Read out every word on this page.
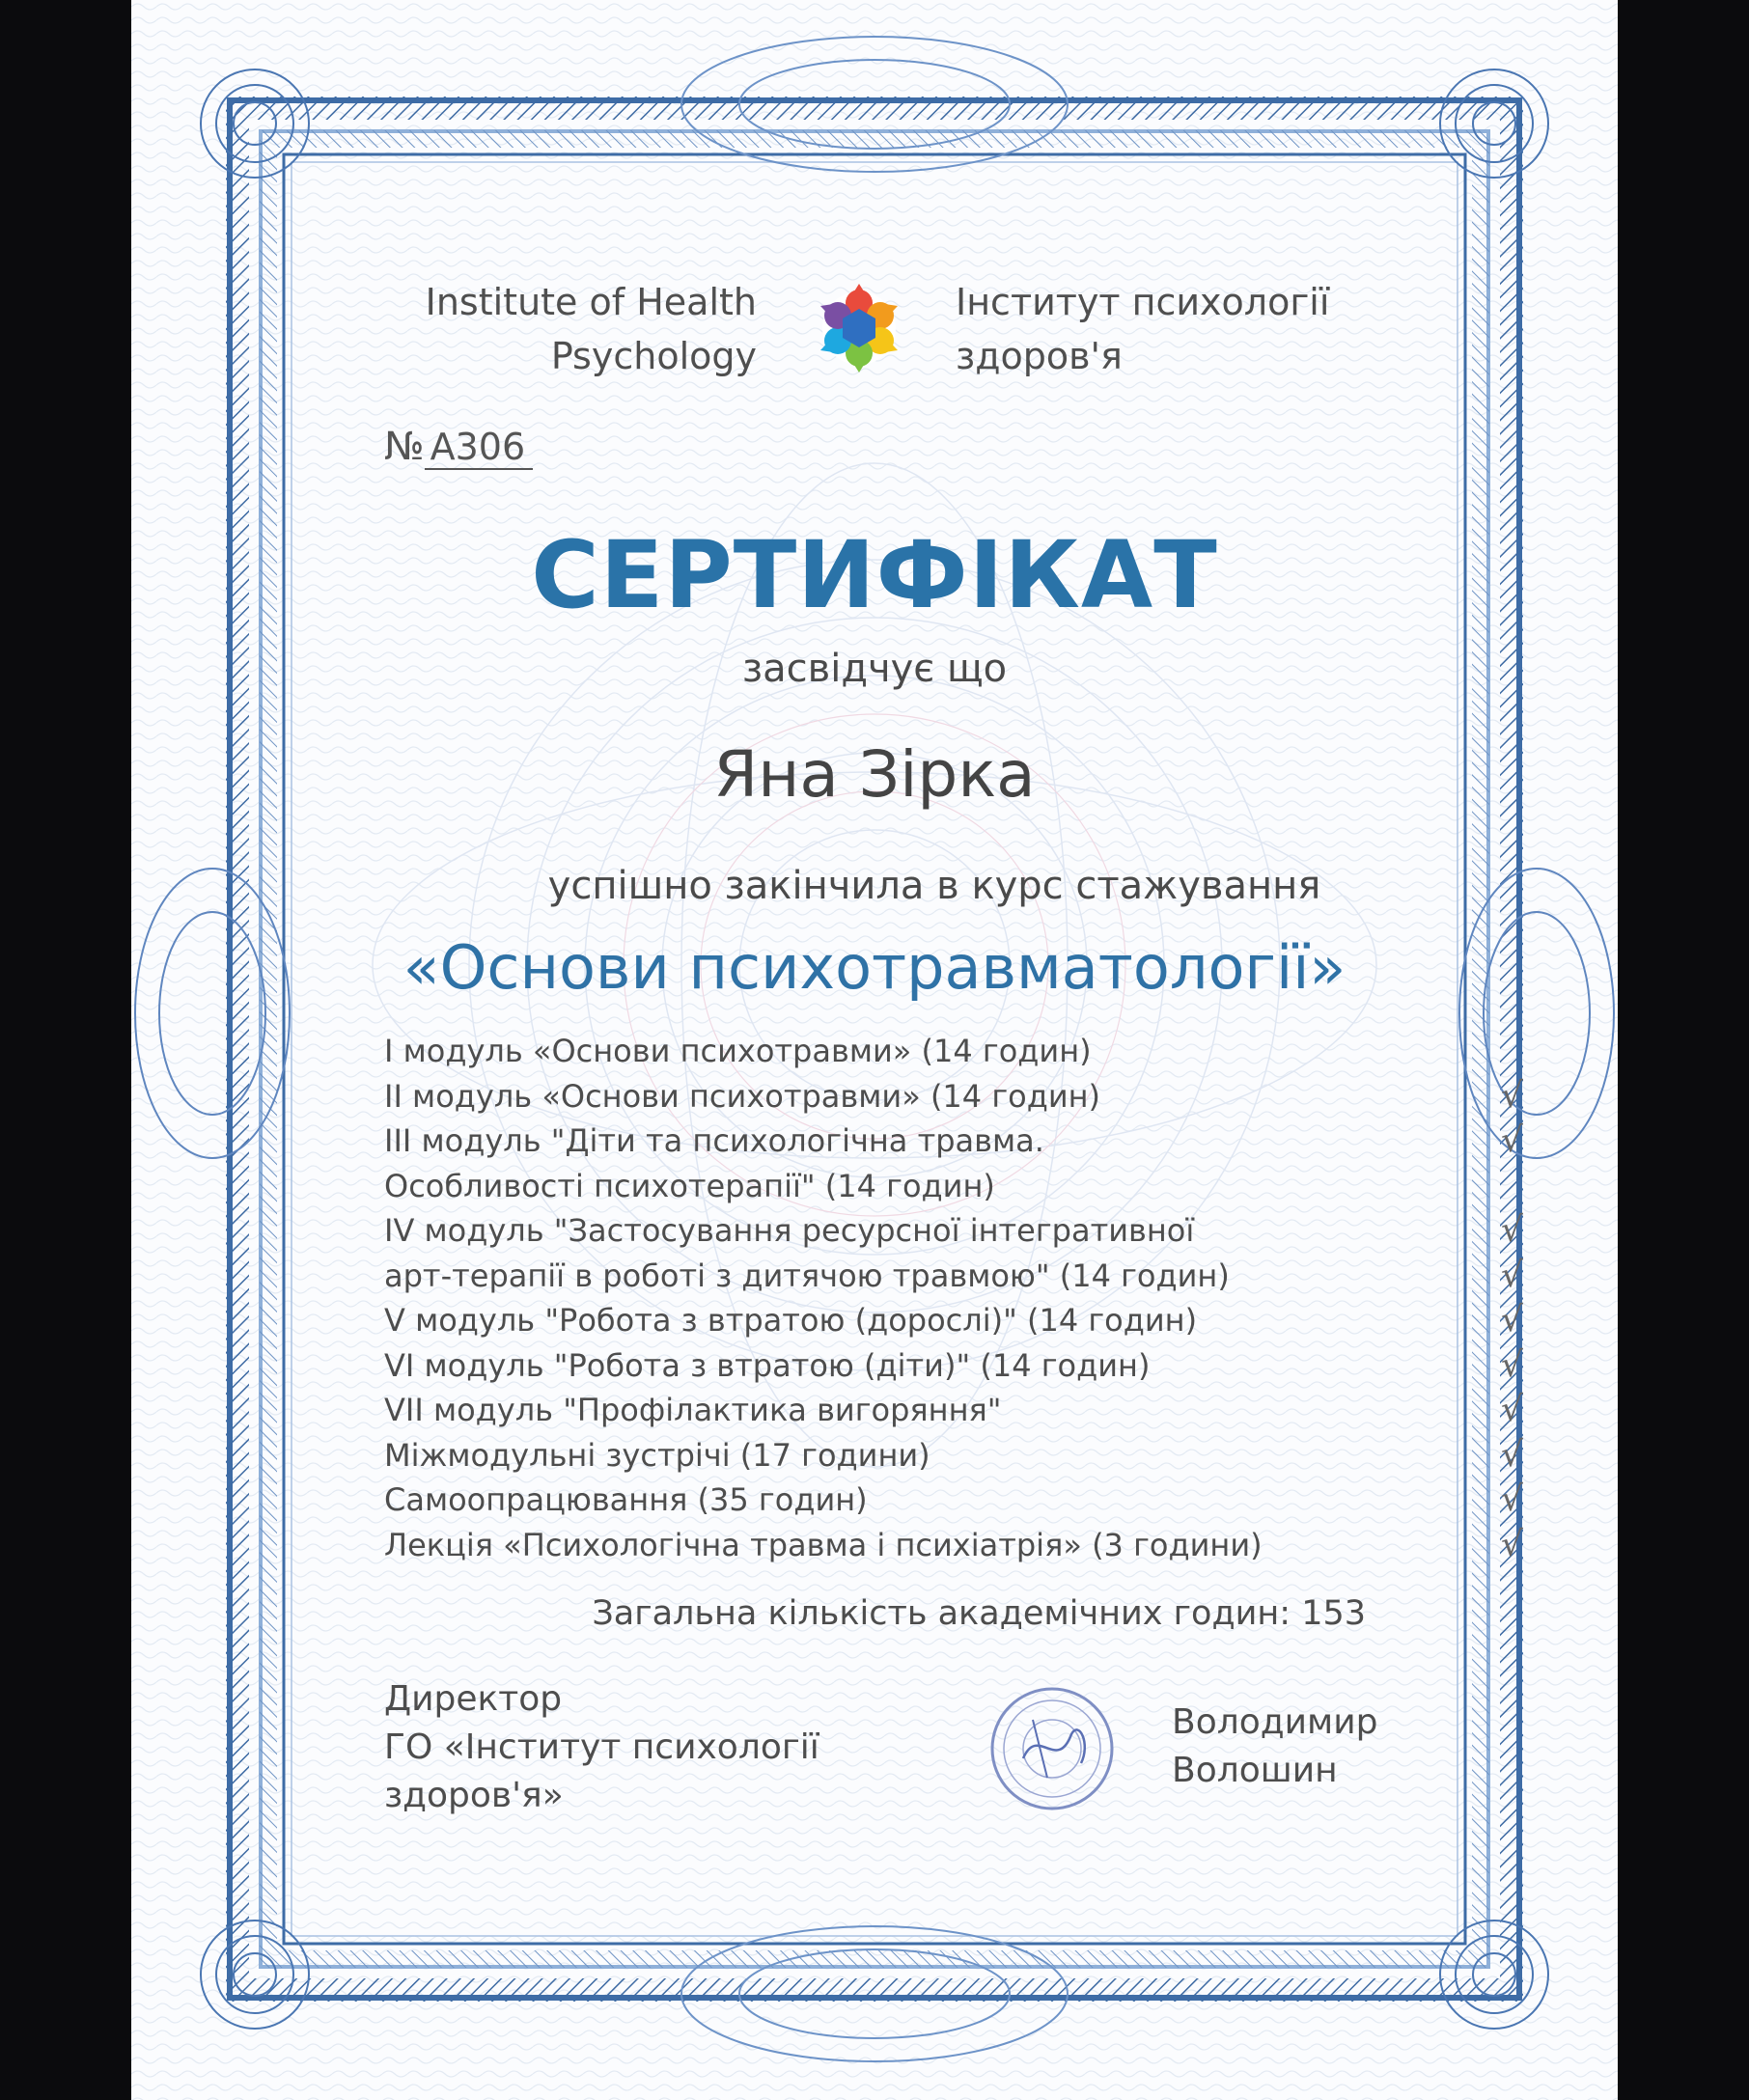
Institute of Health
Psychology
Інститут психології
здоров'я
№ А306
СЕРТИФІКАТ
засвідчує що
Яна Зірка
успішно закінчила в курс стажування
«Основи психотравматології»
І модуль «Основи психотравми» (14 годин)
ІІ модуль «Основи психотравми» (14 годин)	√
ІІІ модуль "Діти та психологічна травма.	√
Особливості психотерапії" (14 годин)
ІV модуль "Застосування ресурсної інтегративної	√
арт-терапії в роботі з дитячою травмою" (14 годин)	√
V модуль "Робота з втратою (дорослі)" (14 годин)	√
VI модуль "Робота з втратою (діти)" (14 годин)	√
VII модуль "Профілактика вигоряння"	√
Міжмодульні зустрічі (17 години)	√
Самоопрацювання (35 годин)	√
Лекція «Психологічна травма і психіатрія» (3 години)	√
Загальна кількість академічних годин: 153
Директор
ГО «Інститут психології
здоров'я»
Володимир
Волошин
